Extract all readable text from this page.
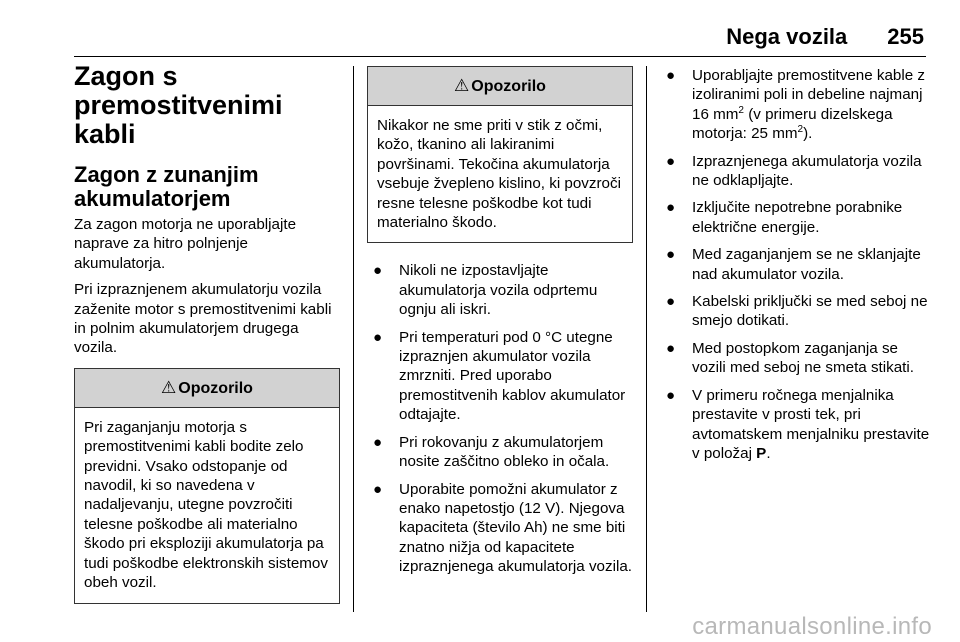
Nega vozila 255
Zagon s premostitvenimi kabli
Zagon z zunanjim akumulatorjem

Za zagon motorja ne uporabljajte naprave za hitro polnjenje akumulatorja.

Pri izpraznjenem akumulatorju vozila zaženite motor s premostitvenimi kabli in polnim akumulatorjem drugega vozila.

⚠ Opozorilo
Pri zaganjanju motorja s premostitvenimi kabli bodite zelo previdni. Vsako odstopanje od navodil, ki so navedena v nadaljevanju, utegne povzročiti telesne poškodbe ali materialno škodo pri eksploziji akumulatorja pa tudi poškodbe elektronskih sistemov obeh vozil.
⚠ Opozorilo
Nikakor ne sme priti v stik z očmi, kožo, tkanino ali lakiranimi površinami. Tekočina akumulatorja vsebuje žvepleno kislino, ki povzroči resne telesne poškodbe kot tudi materialno škodo.
● Nikoli ne izpostavljajte akumulatorja vozila odprtemu ognju ali iskri.
● Pri temperaturi pod 0 °C utegne izpraznjen akumulator vozila zmrzniti. Pred uporabo premostitvenih kablov akumulator odtajajte.
● Pri rokovanju z akumulatorjem nosite zaščitno obleko in očala.
● Uporabite pomožni akumulator z enako napetostjo (12 V). Njegova kapaciteta (število Ah) ne sme biti znatno nižja od kapacitete izpraznjenega akumulatorja vozila.
● Uporabljajte premostitvene kable z izoliranimi poli in debeline najmanj 16 $mm^2$ (v primeru dizelskega motorja: 25 $mm^2$).
● Izpraznjenega akumulatorja vozila ne odklapljajte.
● Izključite nepotrebne porabnike električne energije.
● Med zaganjanjem se ne sklanjajte nad akumulator vozila.
● Kabelski priključki se med seboj ne smejo dotikati.
● Med postopkom zaganjanja se vozili med seboj ne smeta stikati.
● V primeru ročnega menjalnika prestavite v prosti tek, pri avtomatskem menjalniku prestavite v položaj P.
carmanualsonline.info
